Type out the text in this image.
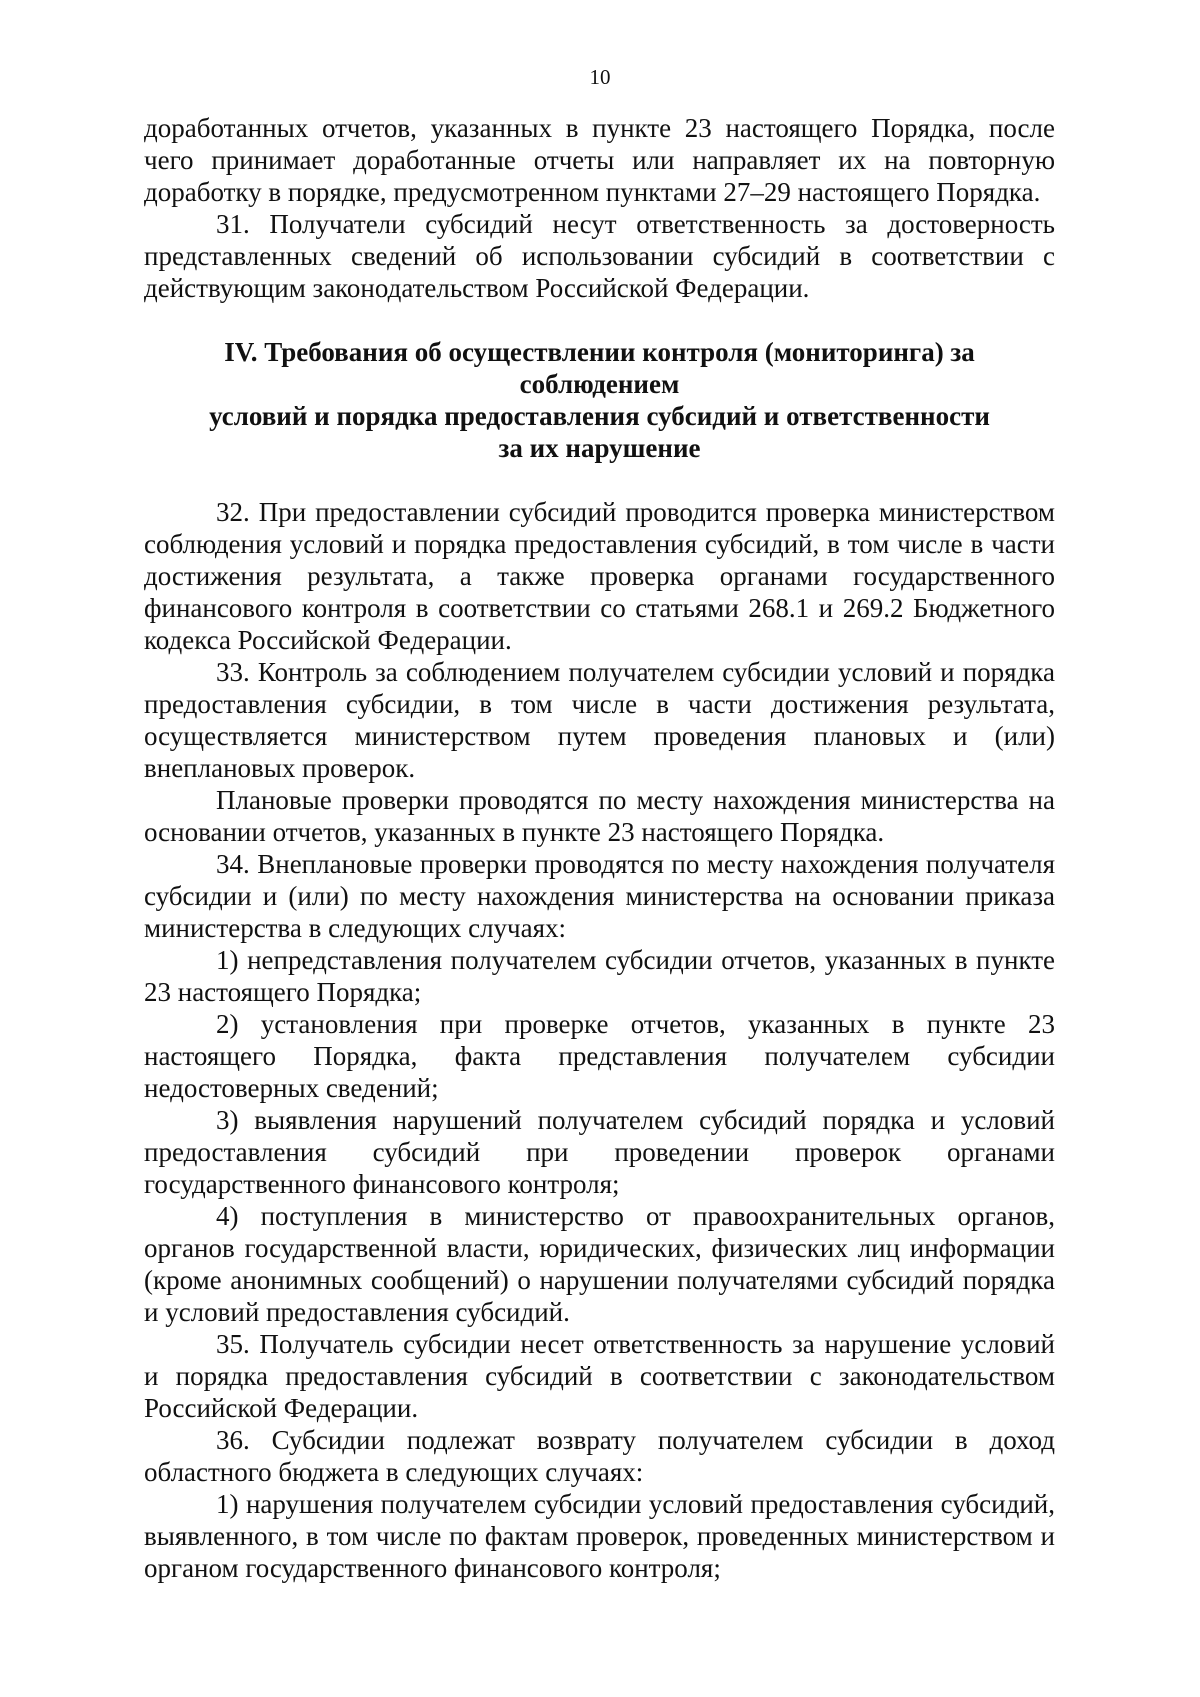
10

доработанных отчетов, указанных в пункте 23 настоящего Порядка, после чего принимает доработанные отчеты или направляет их на повторную доработку в порядке, предусмотренном пунктами 27–29 настоящего Порядка.

31. Получатели субсидий несут ответственность за достоверность представленных сведений об использовании субсидий в соответствии с действующим законодательством Российской Федерации.

IV. Требования об осуществлении контроля (мониторинга) за соблюдением
условий и порядка предоставления субсидий и ответственности
за их нарушение

32. При предоставлении субсидий проводится проверка министерством соблюдения условий и порядка предоставления субсидий, в том числе в части достижения результата, а также проверка органами государственного финансового контроля в соответствии со статьями 268.1 и 269.2 Бюджетного кодекса Российской Федерации.

33. Контроль за соблюдением получателем субсидии условий и порядка предоставления субсидии, в том числе в части достижения результата, осуществляется министерством путем проведения плановых и (или) внеплановых проверок.

Плановые проверки проводятся по месту нахождения министерства на основании отчетов, указанных в пункте 23 настоящего Порядка.

34. Внеплановые проверки проводятся по месту нахождения получателя субсидии и (или) по месту нахождения министерства на основании приказа министерства в следующих случаях:

1) непредставления получателем субсидии отчетов, указанных в пункте 23 настоящего Порядка;

2) установления при проверке отчетов, указанных в пункте 23 настоящего Порядка, факта представления получателем субсидии недостоверных сведений;

3) выявления нарушений получателем субсидий порядка и условий предоставления субсидий при проведении проверок органами государственного финансового контроля;

4) поступления в министерство от правоохранительных органов, органов государственной власти, юридических, физических лиц информации (кроме анонимных сообщений) о нарушении получателями субсидий порядка и условий предоставления субсидий.

35. Получатель субсидии несет ответственность за нарушение условий и порядка предоставления субсидий в соответствии с законодательством Российской Федерации.

36. Субсидии подлежат возврату получателем субсидии в доход областного бюджета в следующих случаях:

1) нарушения получателем субсидии условий предоставления субсидий, выявленного, в том числе по фактам проверок, проведенных министерством и органом государственного финансового контроля;
